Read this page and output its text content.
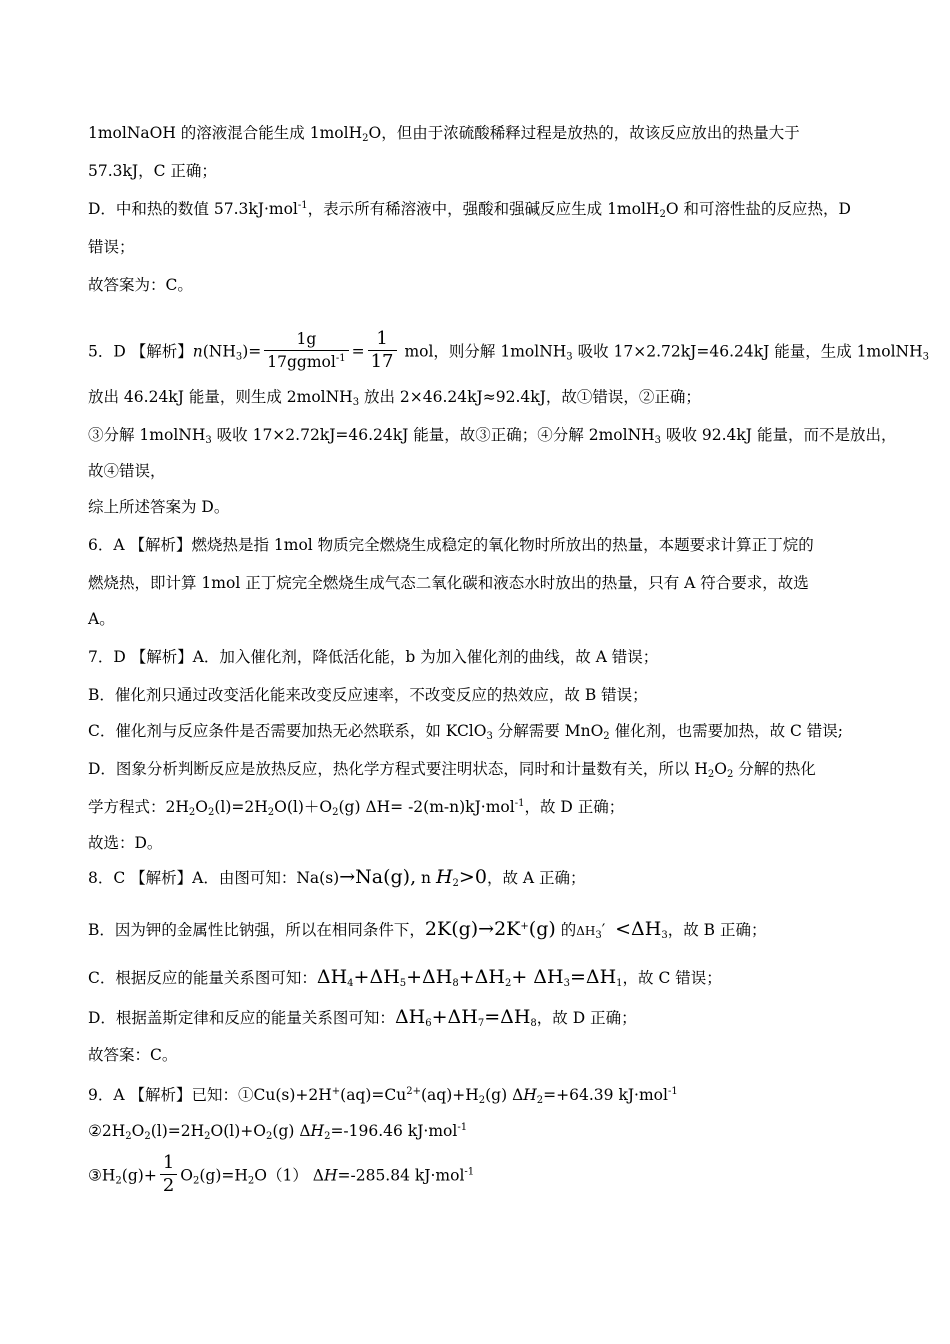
1molNaOH 的溶液混合能生成 1molH$_2$O，但由于浓硫酸稀释过程是放热的，故该反应放出的热量大于
57.3kJ，C 正确；
D．中和热的数值 57.3kJ·mol$^{-1}$，表示所有稀溶液中，强酸和强碱反应生成 1molH$_2$O 和可溶性盐的反应热，D
错误；
故答案为：C。
5．D 【解析】$n(NH_3)= \frac{1g}{17ggmol^{-1}} = \frac{1}{17}$ mol，则分解 1molNH$_3$ 吸收 17×2.72kJ=46.24kJ 能量，生成 1molNH$_3$
放出 46.24kJ 能量，则生成 2molNH$_3$ 放出 2×46.24kJ≈92.4kJ，故①错误，②正确；
③分解 1molNH$_3$ 吸收 17×2.72kJ=46.24kJ 能量，故③正确；④分解 2molNH$_3$ 吸收 92.4kJ 能量，而不是放出，
故④错误，
综上所述答案为 D。
6．A 【解析】燃烧热是指 1mol 物质完全燃烧生成稳定的氧化物时所放出的热量，本题要求计算正丁烷的
燃烧热，即计算 1mol 正丁烷完全燃烧生成气态二氧化碳和液态水时放出的热量，只有 A 符合要求，故选
A。
7．D 【解析】A．加入催化剂，降低活化能，b 为加入催化剂的曲线，故 A 错误；
B．催化剂只通过改变活化能来改变反应速率，不改变反应的热效应，故 B 错误；
C．催化剂与反应条件是否需要加热无必然联系，如 KClO$_3$ 分解需要 MnO$_2$ 催化剂，也需要加热，故 C 错误;
D．图象分析判断反应是放热反应，热化学方程式要注明状态，同时和计量数有关，所以 $H_2O_2$ 分解的热化
学方程式：$2H_2O_2(l)=2H_2O(l)+O_2(g)$ ΔH= -2(m-n)kJ·mol$^{-1}$，故 D 正确；
故选：D。
8．C 【解析】A．由图可知：Na(s)→Na(g), n $H_2>0$，故 A 正确；
B．因为钾的金属性比钠强，所以在相同条件下，2K(g)→2K+(g) 的$\Delta H_3' <\Delta H_3$，故 B 正确；
C．根据反应的能量关系图可知：$\Delta H_4+\Delta H_5+\Delta H_8+\Delta H_2+ \Delta H_3=\Delta H_1$，故 C 错误；
D．根据盖斯定律和反应的能量关系图可知：$\Delta H_6+\Delta H_7=\Delta H_8$，故 D 正确；
故答案：C。
9．A 【解析】已知：$①Cu(s)+2H^+(aq)=Cu^{2+}(aq)+H_2(g)$ $\Delta H_2=+64.39$ kJ·mol$^{-1}$
$②2H_2O_2(l)=2H_2O(l)+O_2(g)$ $\Delta H_2=-196.46$ kJ·mol$^{-1}$
$③H_2(g)+ \frac{1}{2} O_2(g)=H_2O(1)$ ΔH=-285.84 kJ·mol$^{-1}$
